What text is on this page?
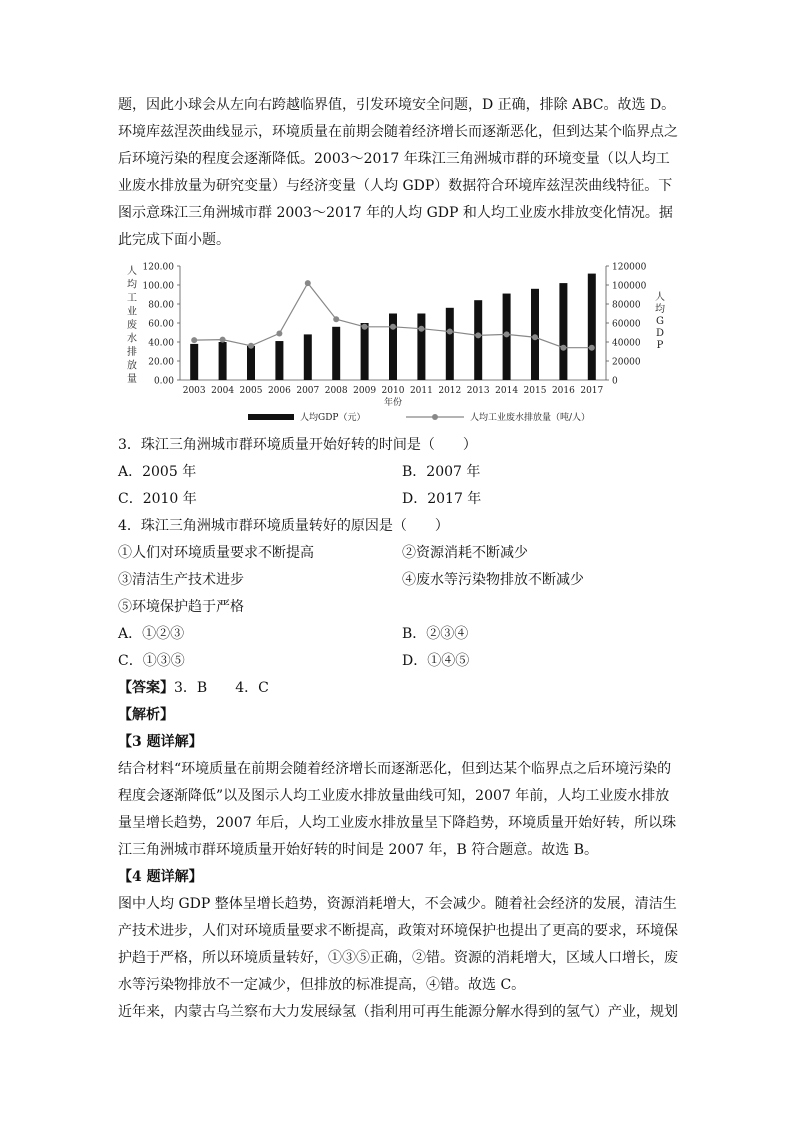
题，因此小球会从左向右跨越临界值，引发环境安全问题，D 正确，排除 ABC。故选 D。

环境库兹涅茨曲线显示，环境质量在前期会随着经济增长而逐渐恶化，但到达某个临界点之后环境污染的程度会逐渐降低。2003～2017 年珠江三角洲城市群的环境变量（以人均工业废水排放量为研究变量）与经济变量（人均 GDP）数据符合环境库兹涅茨曲线特征。下图示意珠江三角洲城市群 2003～2017 年的人均 GDP 和人均工业废水排放变化情况。据此完成下面小题。

0.00
20.00
40.00
60.00
80.00
100.00
120.00
0
20000
40000
60000
80000
100000
120000
人
均
工
业
废
水
排
放
量
人
均
G
D
P
2003 2004 2005 2006 2007 2008 2009 2010 2011 2012 2013 2014 2015 2016 2017
年份
人均GDP（元）	人均工业废水排放量（吨/人）

3．珠江三角洲城市群环境质量开始好转的时间是（　　）

A．2005 年	B．2007 年
C．2010 年	D．2017 年

4．珠江三角洲城市群环境质量转好的原因是（　　）

①人们对环境质量要求不断提高	②资源消耗不断减少
③清洁生产技术进步	④废水等污染物排放不断减少
⑤环境保护趋于严格
A．①②③	B．②③④
C．①③⑤	D．①④⑤

【答案】3．B　　4．C

【解析】

【3 题详解】

结合材料“环境质量在前期会随着经济增长而逐渐恶化，但到达某个临界点之后环境污染的程度会逐渐降低”以及图示人均工业废水排放量曲线可知，2007 年前，人均工业废水排放量呈增长趋势，2007 年后，人均工业废水排放量呈下降趋势，环境质量开始好转，所以珠江三角洲城市群环境质量开始好转的时间是 2007 年，B 符合题意。故选 B。

【4 题详解】

图中人均 GDP 整体呈增长趋势，资源消耗增大，不会减少。随着社会经济的发展，清洁生产技术进步，人们对环境质量要求不断提高，政策对环境保护也提出了更高的要求，环境保护趋于严格，所以环境质量转好，①③⑤正确，②错。资源的消耗增大，区域人口增长，废水等污染物排放不一定减少，但排放的标准提高，④错。故选 C。

近年来，内蒙古乌兰察布大力发展绿氢（指利用可再生能源分解水得到的氢气）产业，规划
